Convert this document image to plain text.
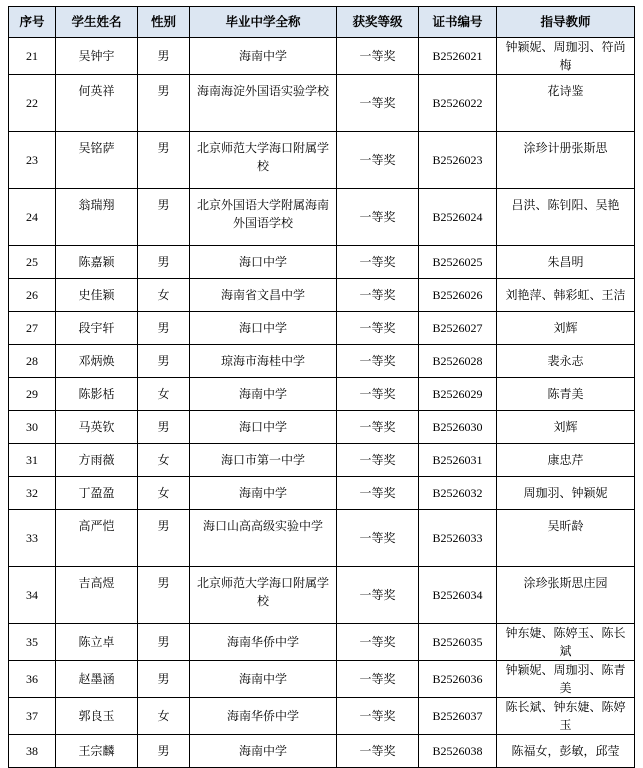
序号	学生姓名	性别	毕业中学全称	获奖等级	证书编号	指导教师
21	吴钟宇	男	海南中学	一等奖	B2526021	钟颖妮、周珈羽、符尚梅
22	何英祥	男	海南海淀外国语实验学校	一等奖	B2526022	花诗鉴
23	吴铭萨	男	北京师范大学海口附属学校	一等奖	B2526023	涂珍计册张斯思
24	翁瑞翔	男	北京外国语大学附属海南外国语学校	一等奖	B2526024	吕洪、陈钊阳、吴艳
25	陈嘉颖	男	海口中学	一等奖	B2526025	朱昌明
26	史佳颖	女	海南省文昌中学	一等奖	B2526026	刘艳萍、韩彩虹、王洁
27	段宇轩	男	海口中学	一等奖	B2526027	刘辉
28	邓炳焕	男	琼海市海桂中学	一等奖	B2526028	裴永志
29	陈影栝	女	海南中学	一等奖	B2526029	陈青美
30	马英钦	男	海口中学	一等奖	B2526030	刘辉
31	方雨薇	女	海口市第一中学	一等奖	B2526031	康忠芹
32	丁盈盈	女	海南中学	一等奖	B2526032	周珈羽、钟颖妮
33	高严恺	男	海口山高高级实验中学	一等奖	B2526033	吴昕龄
34	吉高煜	男	北京师范大学海口附属学校	一等奖	B2526034	涂珍张斯思庄园
35	陈立卓	男	海南华侨中学	一等奖	B2526035	钟东婕、陈婷玉、陈长斌
36	赵墨涵	男	海南中学	一等奖	B2526036	钟颖妮、周珈羽、陈青美
37	郭良玉	女	海南华侨中学	一等奖	B2526037	陈长斌、钟东婕、陈婷玉
38	王宗麟	男	海南中学	一等奖	B2526038	陈福女，彭敏，邱莹
